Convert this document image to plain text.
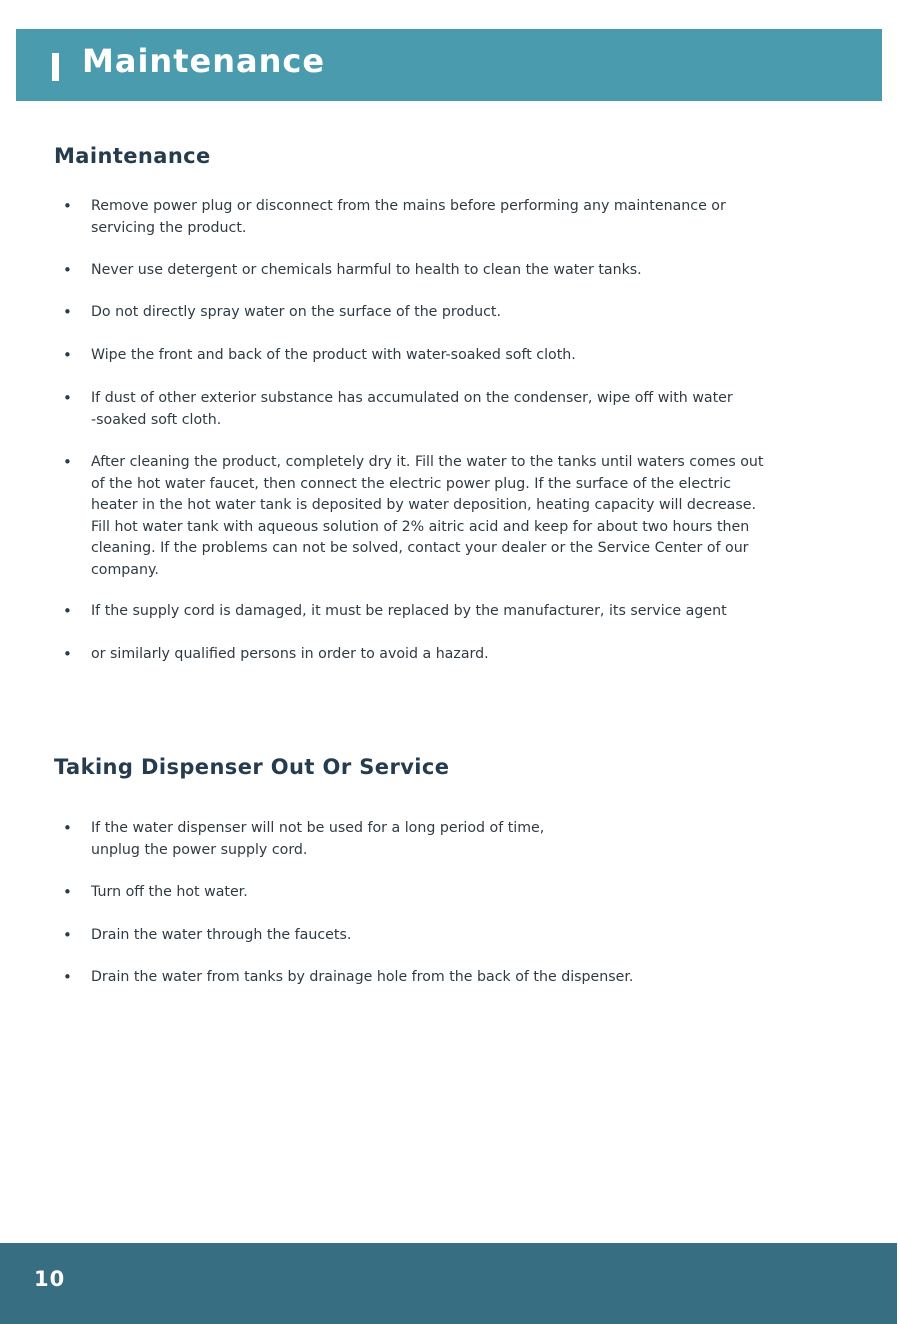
Maintenance
Maintenance
• Remove power plug or disconnect from the mains before performing any maintenance or
servicing the product.
• Never use detergent or chemicals harmful to health to clean the water tanks.
• Do not directly spray water on the surface of the product.
• Wipe the front and back of the product with water-soaked soft cloth.
• If dust of other exterior substance has accumulated on the condenser, wipe off with water
-soaked soft cloth.
• After cleaning the product, completely dry it. Fill the water to the tanks until waters comes out
of the hot water faucet, then connect the electric power plug. If the surface of the electric
heater in the hot water tank is deposited by water deposition, heating capacity will decrease.
Fill hot water tank with aqueous solution of 2% aitric acid and keep for about two hours then
cleaning. If the problems can not be solved, contact your dealer or the Service Center of our
company.
• If the supply cord is damaged, it must be replaced by the manufacturer, its service agent
• or similarly qualified persons in order to avoid a hazard.
Taking Dispenser Out Or Service
• If the water dispenser will not be used for a long period of time,
unplug the power supply cord.
• Turn off the hot water.
• Drain the water through the faucets.
• Drain the water from tanks by drainage hole from the back of the dispenser.
10
